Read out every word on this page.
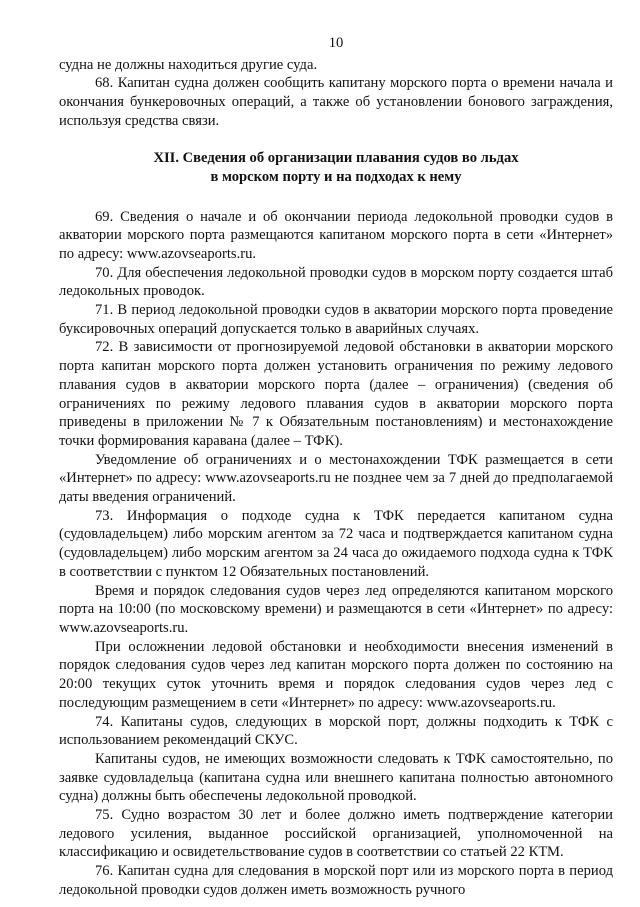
10

судна не должны находиться другие суда.

68. Капитан судна должен сообщить капитану морского порта о времени начала и окончания бункеровочных операций, а также об установлении бонового заграждения, используя средства связи.

XII. Сведения об организации плавания судов во льдах
в морском порту и на подходах к нему

69. Сведения о начале и об окончании периода ледокольной проводки судов в акватории морского порта размещаются капитаном морского порта в сети «Интернет» по адресу: www.azovseaports.ru.

70. Для обеспечения ледокольной проводки судов в морском порту создается штаб ледокольных проводок.

71. В период ледокольной проводки судов в акватории морского порта проведение буксировочных операций допускается только в аварийных случаях.

72. В зависимости от прогнозируемой ледовой обстановки в акватории морского порта капитан морского порта должен установить ограничения по режиму ледового плавания судов в акватории морского порта (далее – ограничения) (сведения об ограничениях по режиму ледового плавания судов в акватории морского порта приведены в приложении № 7 к Обязательным постановлениям) и местонахождение точки формирования каравана (далее – ТФК).

Уведомление об ограничениях и о местонахождении ТФК размещается в сети «Интернет» по адресу: www.azovseaports.ru не позднее чем за 7 дней до предполагаемой даты введения ограничений.

73. Информация о подходе судна к ТФК передается капитаном судна (судовладельцем) либо морским агентом за 72 часа и подтверждается капитаном судна (судовладельцем) либо морским агентом за 24 часа до ожидаемого подхода судна к ТФК в соответствии с пунктом 12 Обязательных постановлений.

Время и порядок следования судов через лед определяются капитаном морского порта на 10:00 (по московскому времени) и размещаются в сети «Интернет» по адресу: www.azovseaports.ru.

При осложнении ледовой обстановки и необходимости внесения изменений в порядок следования судов через лед капитан морского порта должен по состоянию на 20:00 текущих суток уточнить время и порядок следования судов через лед с последующим размещением в сети «Интернет» по адресу: www.azovseaports.ru.

74. Капитаны судов, следующих в морской порт, должны подходить к ТФК с использованием рекомендаций СКУС.

Капитаны судов, не имеющих возможности следовать к ТФК самостоятельно, по заявке судовладельца (капитана судна или внешнего капитана полностью автономного судна) должны быть обеспечены ледокольной проводкой.

75. Судно возрастом 30 лет и более должно иметь подтверждение категории ледового усиления, выданное российской организацией, уполномоченной на классификацию и освидетельствование судов в соответствии со статьей 22 КТМ.

76. Капитан судна для следования в морской порт или из морского порта в период ледокольной проводки судов должен иметь возможность ручного
